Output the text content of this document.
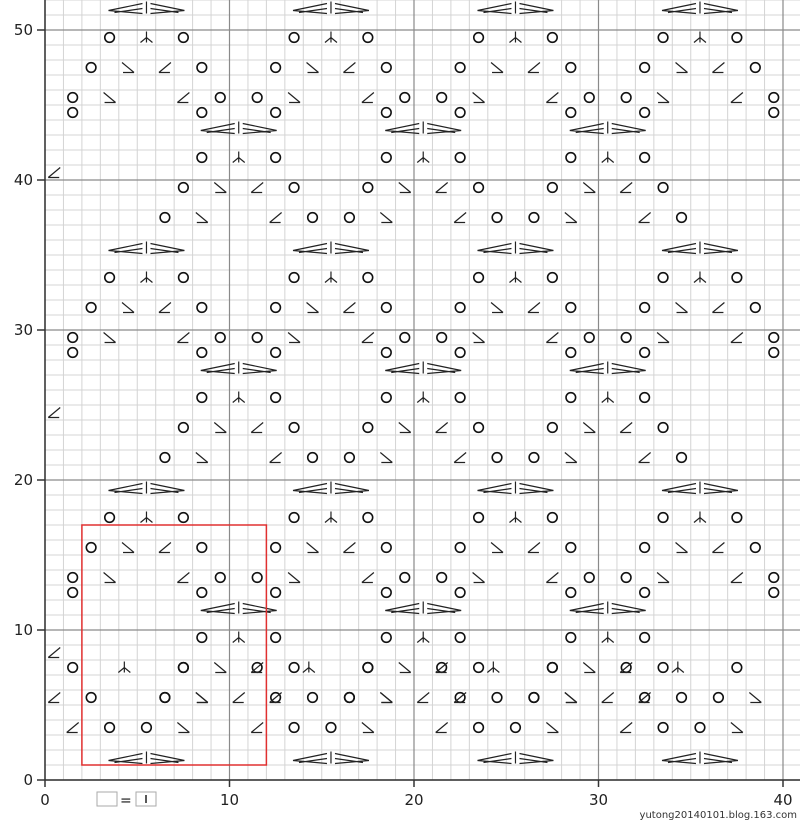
0	10	20	30	40
0
10
20
30
40
50
=
yutong20140101.blog.163.com
